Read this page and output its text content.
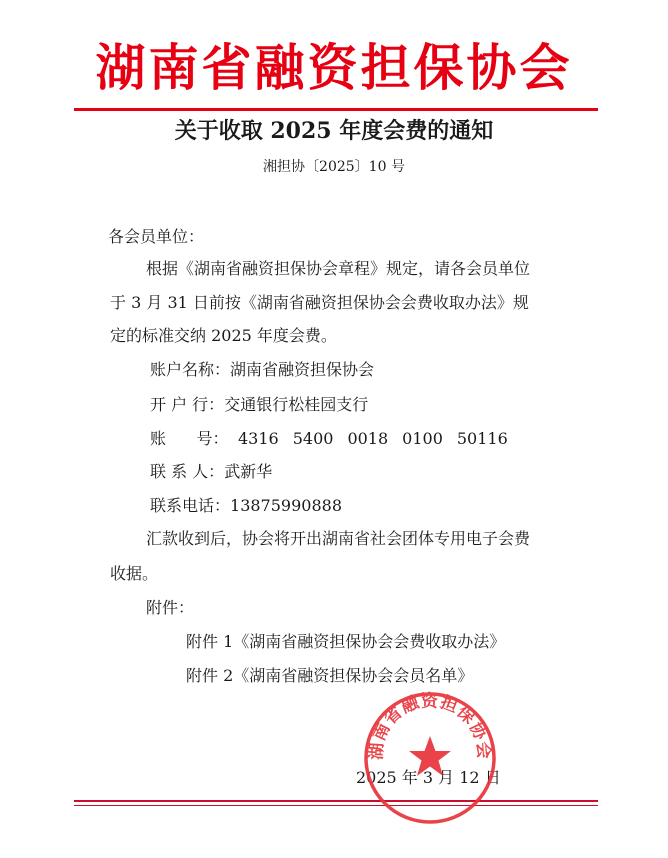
湖南省融资担保协会
关于收取 2025 年度会费的通知
湘担协〔2025〕10 号
各会员单位：
根据《湖南省融资担保协会章程》规定，请各会员单位
于 3 月 31 日前按《湖南省融资担保协会会费收取办法》规
定的标准交纳 2025 年度会费。
账户名称：湖南省融资担保协会
开 户 行：交通银行松桂园支行
账      号： 4316 5400 0018 0100 50116
联 系 人：武新华
联系电话：13875990888
汇款收到后，协会将开出湖南省社会团体专用电子会费
收据。
附件：
附件 1《湖南省融资担保协会会费收取办法》
附件 2《湖南省融资担保协会会员名单》
2025 年 3 月 12 日
湖南省融资担保协会
